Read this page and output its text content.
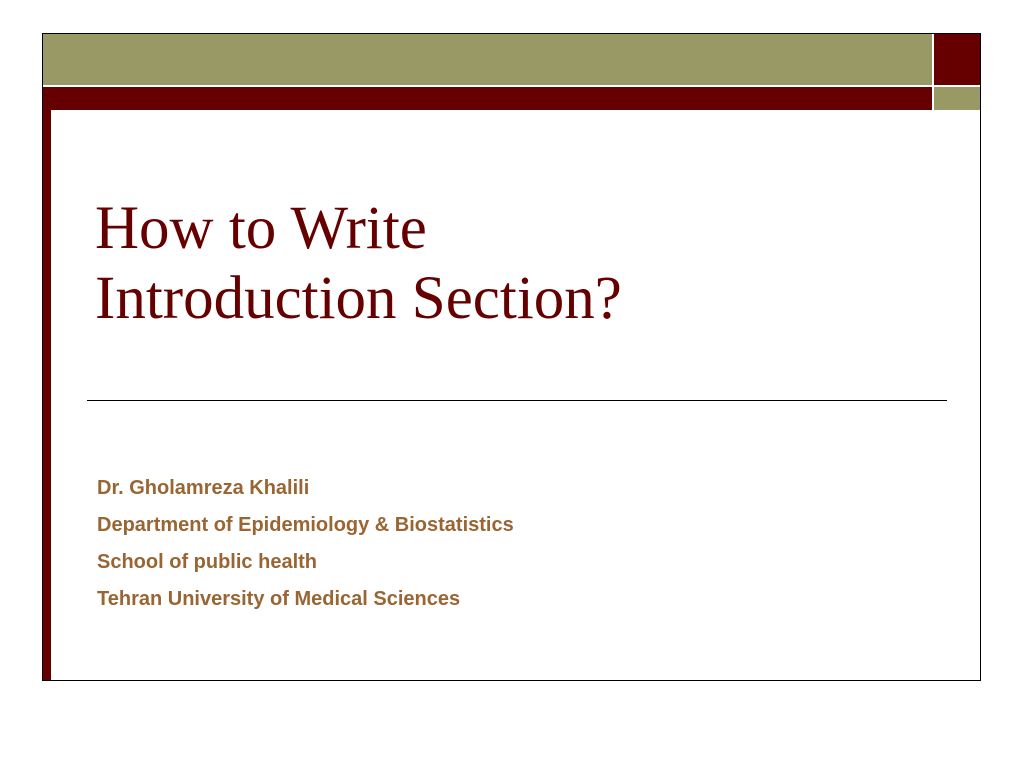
How to Write
Introduction Section?
Dr. Gholamreza Khalili
Department of Epidemiology & Biostatistics
School of public health
Tehran University of Medical Sciences
